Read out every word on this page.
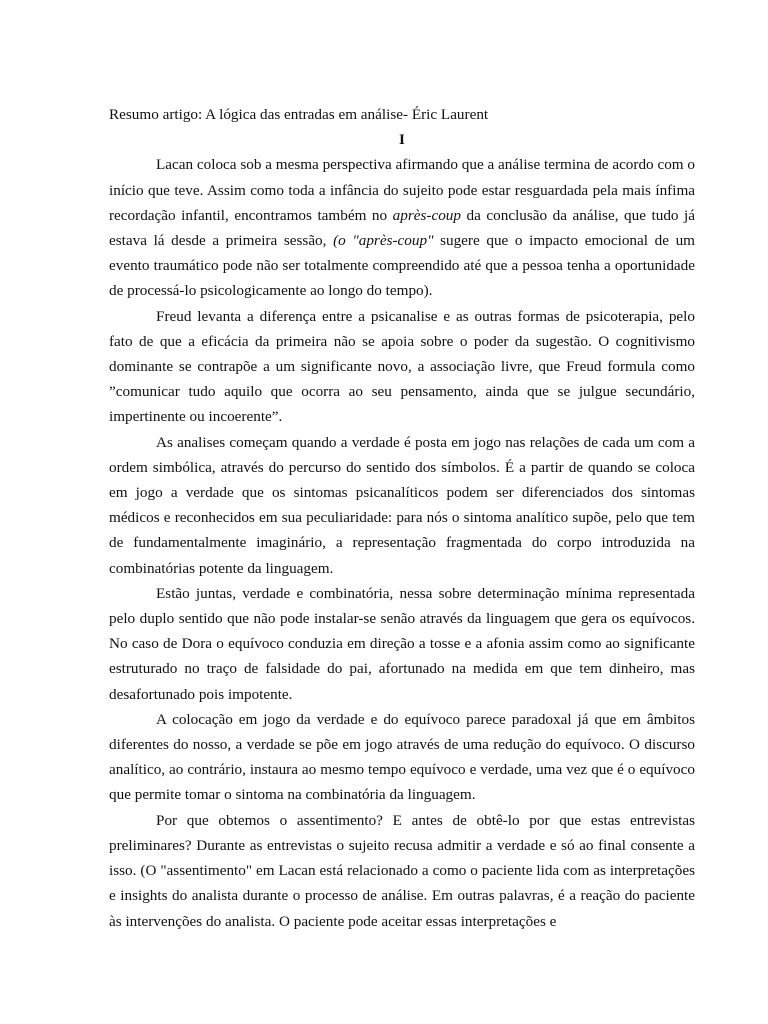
Resumo artigo: A lógica das entradas em análise- Éric Laurent

I

Lacan coloca sob a mesma perspectiva afirmando que a análise termina de acordo com o início que teve. Assim como toda a infância do sujeito pode estar resguardada pela mais ínfima recordação infantil, encontramos também no après-coup da conclusão da análise, que tudo já estava lá desde a primeira sessão, (o "après-coup" sugere que o impacto emocional de um evento traumático pode não ser totalmente compreendido até que a pessoa tenha a oportunidade de processá-lo psicologicamente ao longo do tempo).

Freud levanta a diferença entre a psicanalise e as outras formas de psicoterapia, pelo fato de que a eficácia da primeira não se apoia sobre o poder da sugestão. O cognitivismo dominante se contrapõe a um significante novo, a associação livre, que Freud formula como ”comunicar tudo aquilo que ocorra ao seu pensamento, ainda que se julgue secundário, impertinente ou incoerente”.

As analises começam quando a verdade é posta em jogo nas relações de cada um com a ordem simbólica, através do percurso do sentido dos símbolos. É a partir de quando se coloca em jogo a verdade que os sintomas psicanalíticos podem ser diferenciados dos sintomas médicos e reconhecidos em sua peculiaridade: para nós o sintoma analítico supõe, pelo que tem de fundamentalmente imaginário, a representação fragmentada do corpo introduzida na combinatórias potente da linguagem.

Estão juntas, verdade e combinatória, nessa sobre determinação mínima representada pelo duplo sentido que não pode instalar-se senão através da linguagem que gera os equívocos. No caso de Dora o equívoco conduzia em direção a tosse e a afonia assim como ao significante estruturado no traço de falsidade do pai, afortunado na medida em que tem dinheiro, mas desafortunado pois impotente.

A colocação em jogo da verdade e do equívoco parece paradoxal já que em âmbitos diferentes do nosso, a verdade se põe em jogo através de uma redução do equívoco. O discurso analítico, ao contrário, instaura ao mesmo tempo equívoco e verdade, uma vez que é o equívoco que permite tomar o sintoma na combinatória da linguagem.

Por que obtemos o assentimento? E antes de obtê-lo por que estas entrevistas preliminares? Durante as entrevistas o sujeito recusa admitir a verdade e só ao final consente a isso. (O "assentimento" em Lacan está relacionado a como o paciente lida com as interpretações e insights do analista durante o processo de análise. Em outras palavras, é a reação do paciente às intervenções do analista. O paciente pode aceitar essas interpretações e
